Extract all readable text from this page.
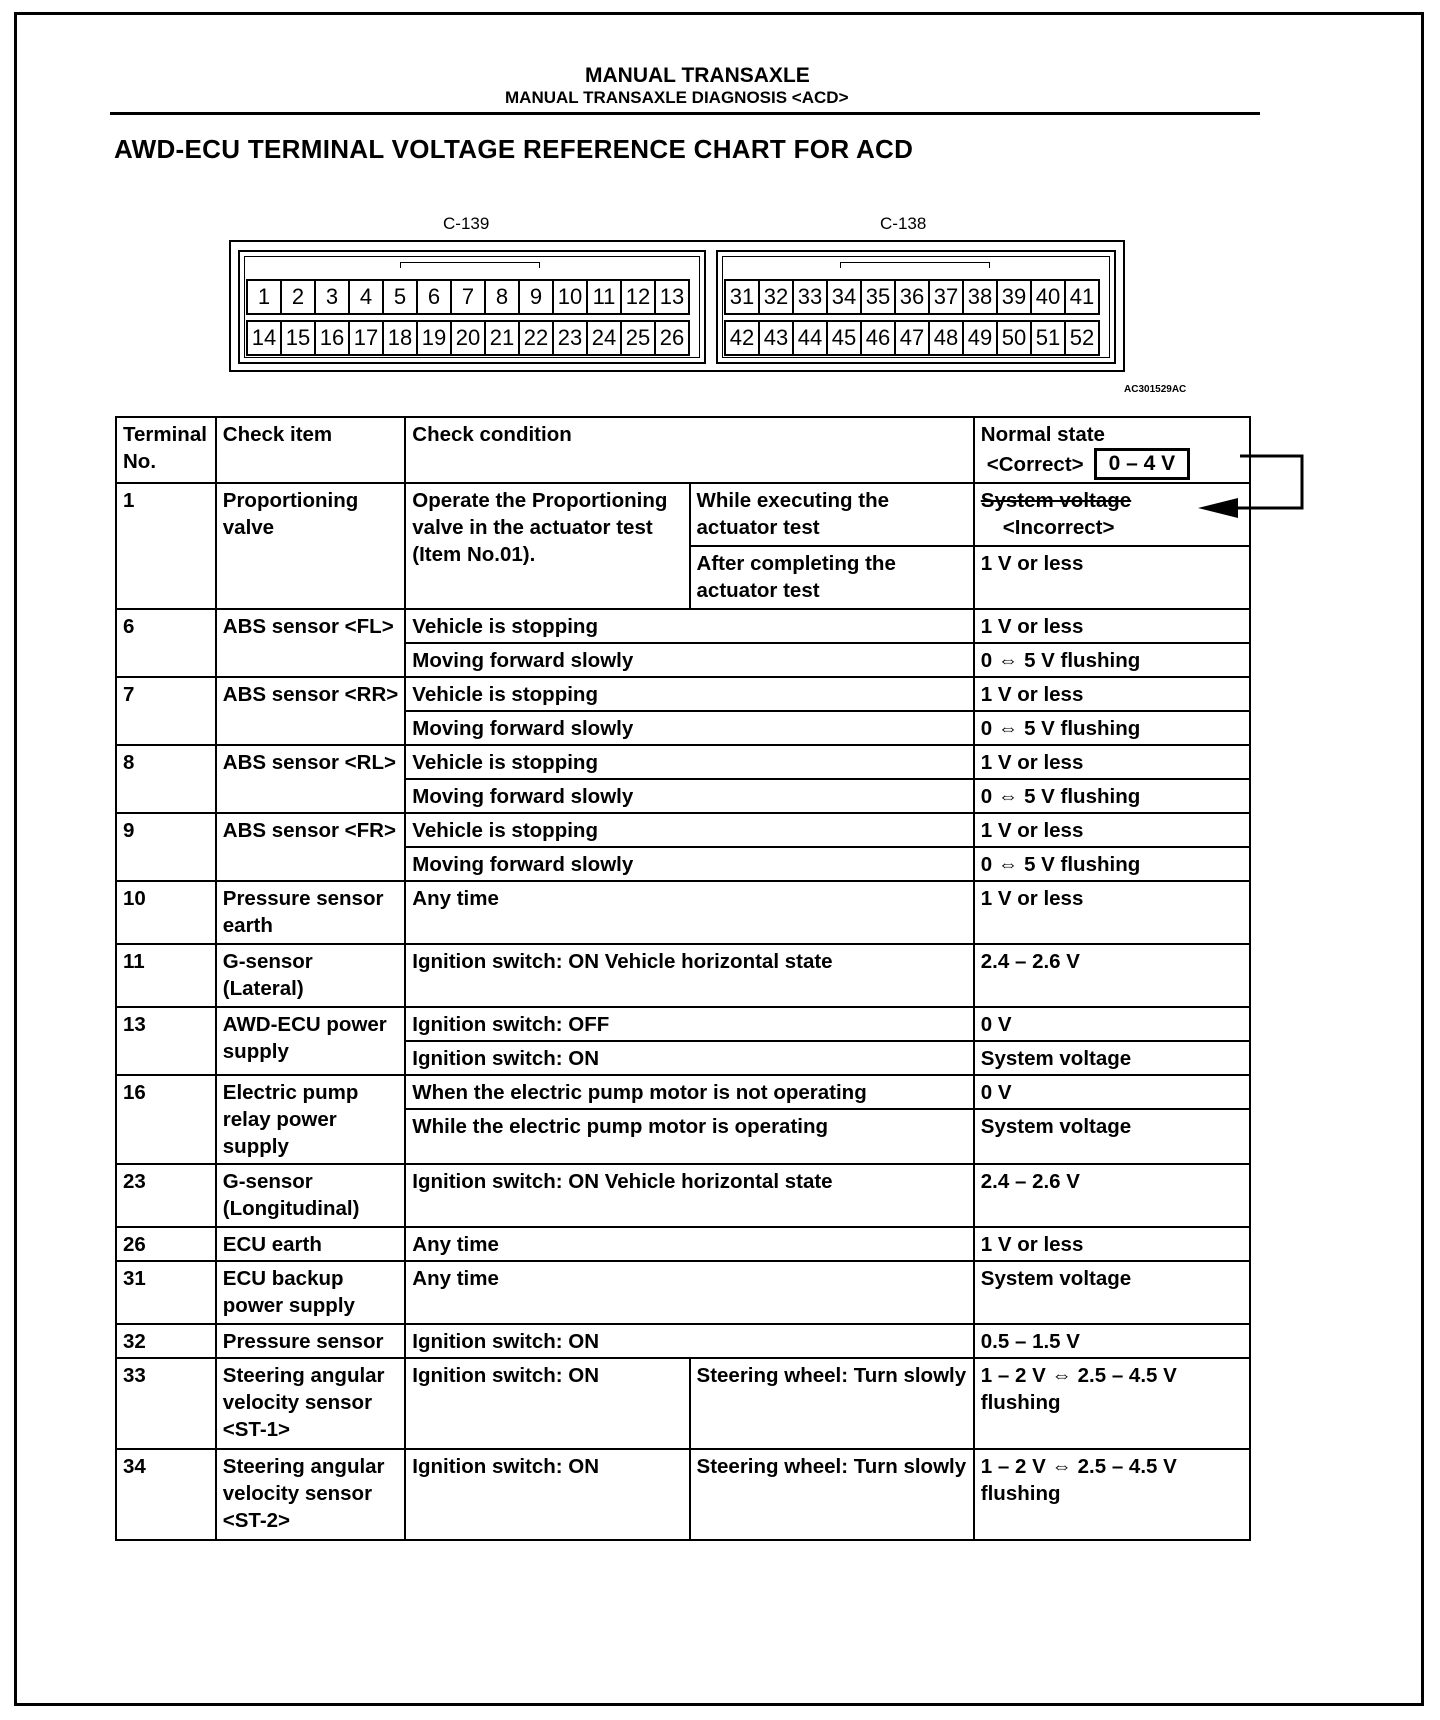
MANUAL TRANSAXLE
MANUAL TRANSAXLE DIAGNOSIS <ACD>
AWD-ECU TERMINAL VOLTAGE REFERENCE CHART FOR ACD
C-139	C-138
1 2 3 4 5 6 7 8 9 10 11 12 13
14 15 16 17 18 19 20 21 22 23 24 25 26
31 32 33 34 35 36 37 38 39 40 41
42 43 44 45 46 47 48 49 50 51 52
AC301529AC
Terminal No.	Check item	Check condition		Normal state
<Correct> 0 – 4 V

1	Proportioning valve	Operate the Proportioning valve in the actuator test (Item No.01).	While executing the actuator test	System voltage
<Incorrect>

			After completing the actuator test	1 V or less
6	ABS sensor <FL>	Vehicle is stopping		1 V or less
		Moving forward slowly		0 ⇔ 5 V flushing
7	ABS sensor <RR>	Vehicle is stopping		1 V or less
		Moving forward slowly		0 ⇔ 5 V flushing
8	ABS sensor <RL>	Vehicle is stopping		1 V or less
		Moving forward slowly		0 ⇔ 5 V flushing
9	ABS sensor <FR>	Vehicle is stopping		1 V or less
		Moving forward slowly		0 ⇔ 5 V flushing
10	Pressure sensor earth	Any time		1 V or less
11	G-sensor (Lateral)	Ignition switch: ON Vehicle horizontal state		2.4 – 2.6 V
13	AWD-ECU power supply	Ignition switch: OFF		0 V
		Ignition switch: ON		System voltage
16	Electric pump relay power supply	When the electric pump motor is not operating		0 V
		While the electric pump motor is operating		System voltage
23	G-sensor (Longitudinal)	Ignition switch: ON Vehicle horizontal state		2.4 – 2.6 V
26	ECU earth	Any time		1 V or less
31	ECU backup power supply	Any time		System voltage
32	Pressure sensor	Ignition switch: ON		0.5 – 1.5 V
33	Steering angular velocity sensor <ST-1>	Ignition switch: ON	Steering wheel: Turn slowly	1 – 2 V ⇔ 2.5 – 4.5 V flushing
34	Steering angular velocity sensor <ST-2>	Ignition switch: ON	Steering wheel: Turn slowly	1 – 2 V ⇔ 2.5 – 4.5 V flushing
